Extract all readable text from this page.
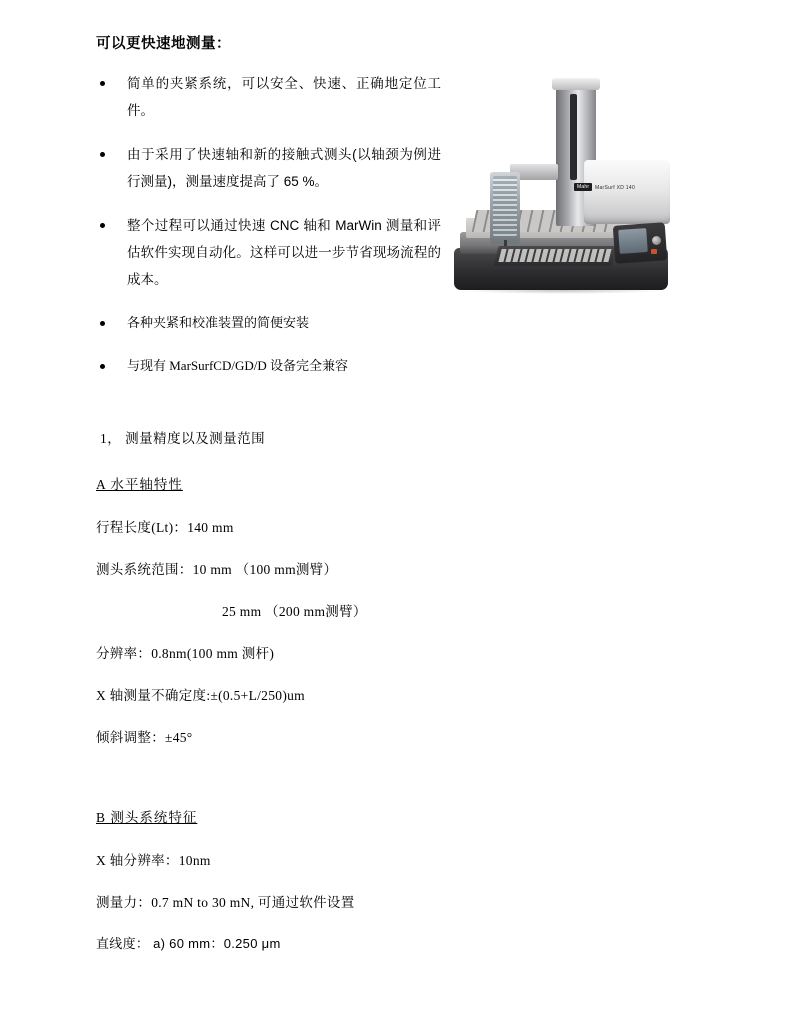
可以更快速地测量：
简单的夹紧系统，可以安全、快速、正确地定位工件。
由于采用了快速轴和新的接触式测头(以轴颈为例进行测量)，测量速度提高了 65 %。
整个过程可以通过快速 CNC 轴和 MarWin 测量和评估软件实现自动化。这样可以进一步节省现场流程的成本。
各种夹紧和校准装置的简便安装
与现有 MarSurfCD/GD/D 设备完全兼容
1， 测量精度以及测量范围
A 水平轴特性
行程长度(Lt)：140 mm
测头系统范围：10 mm （100 mm测臂）
25 mm （200 mm测臂）
分辨率：0.8nm(100 mm 测杆)
X 轴测量不确定度:±(0.5+L/250)um
倾斜调整：±45°
B 测头系统特征
X 轴分辨率：10nm
测量力：0.7 mN to 30 mN, 可通过软件设置
直线度： a) 60 mm：0.250 μm
Mahr	MarSurf XD 140
